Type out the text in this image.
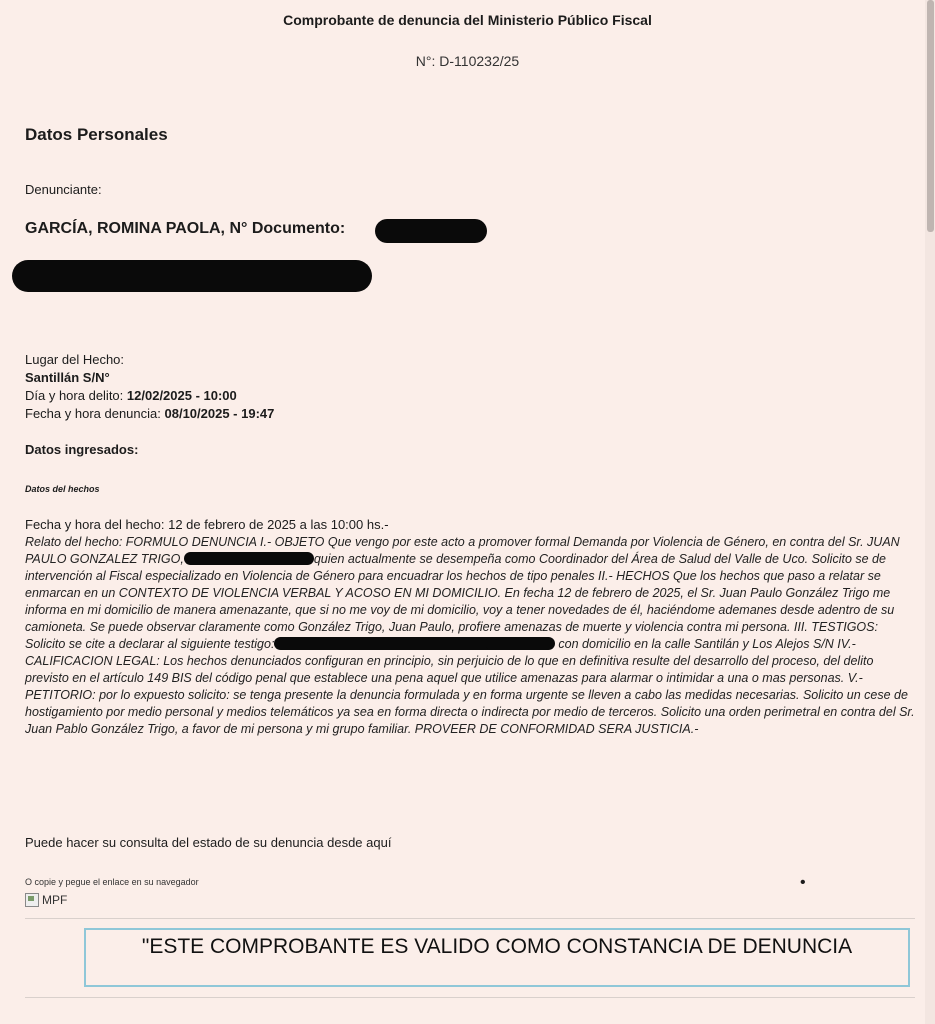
Comprobante de denuncia del Ministerio Público Fiscal
N°: D-110232/25
Datos Personales
Denunciante:
GARCÍA, ROMINA PAOLA, N° Documento:
Lugar del Hecho:
Santillán S/N°
Día y hora delito: 12/02/2025 - 10:00
Fecha y hora denuncia: 08/10/2025 - 19:47
Datos ingresados:
Datos del hechos
Fecha y hora del hecho: 12 de febrero de 2025 a las 10:00 hs.-

Relato del hecho: FORMULO DENUNCIA I.- OBJETO Que vengo por este acto a promover formal Demanda por Violencia de Género, en contra del Sr. JUAN PAULO GONZALEZ TRIGO,	quien actualmente se desempeña como Coordinador del Área de Salud del Valle de Uco. Solicito se de intervención al Fiscal especializado en Violencia de Género para encuadrar los hechos de tipo penales II.- HECHOS Que los hechos que paso a relatar se enmarcan en un CONTEXTO DE VIOLENCIA VERBAL Y ACOSO EN MI DOMICILIO. En fecha 12 de febrero de 2025, el Sr. Juan Paulo González Trigo me informa en mi domicilio de manera amenazante, que si no me voy de mi domicilio, voy a tener novedades de él, haciéndome ademanes desde adentro de su camioneta. Se puede observar claramente como González Trigo, Juan Paulo, profiere amenazas de muerte y violencia contra mi persona. III. TESTIGOS: Solicito se cite a declarar al siguiente testigo:	con domicilio en la calle Santilán y Los Alejos S/N IV.- CALIFICACION LEGAL: Los hechos denunciados configuran en principio, sin perjuicio de lo que en definitiva resulte del desarrollo del proceso, del delito previsto en el artículo 149 BIS del código penal que establece una pena aquel que utilice amenazas para alarmar o intimidar a una o mas personas. V.- PETITORIO: por lo expuesto solicito: se tenga presente la denuncia formulada y en forma urgente se lleven a cabo las medidas necesarias. Solicito un cese de hostigamiento por medio personal y medios telemáticos ya sea en forma directa o indirecta por medio de terceros. Solicito una orden perimetral en contra del Sr. Juan Pablo González Trigo, a favor de mi persona y mi grupo familiar. PROVEER DE CONFORMIDAD SERA JUSTICIA.-

Puede hacer su consulta del estado de su denuncia desde aquí
O copie y pegue el enlace en su navegador
MPF
•
"ESTE COMPROBANTE ES VALIDO COMO CONSTANCIA DE DENUNCIA
